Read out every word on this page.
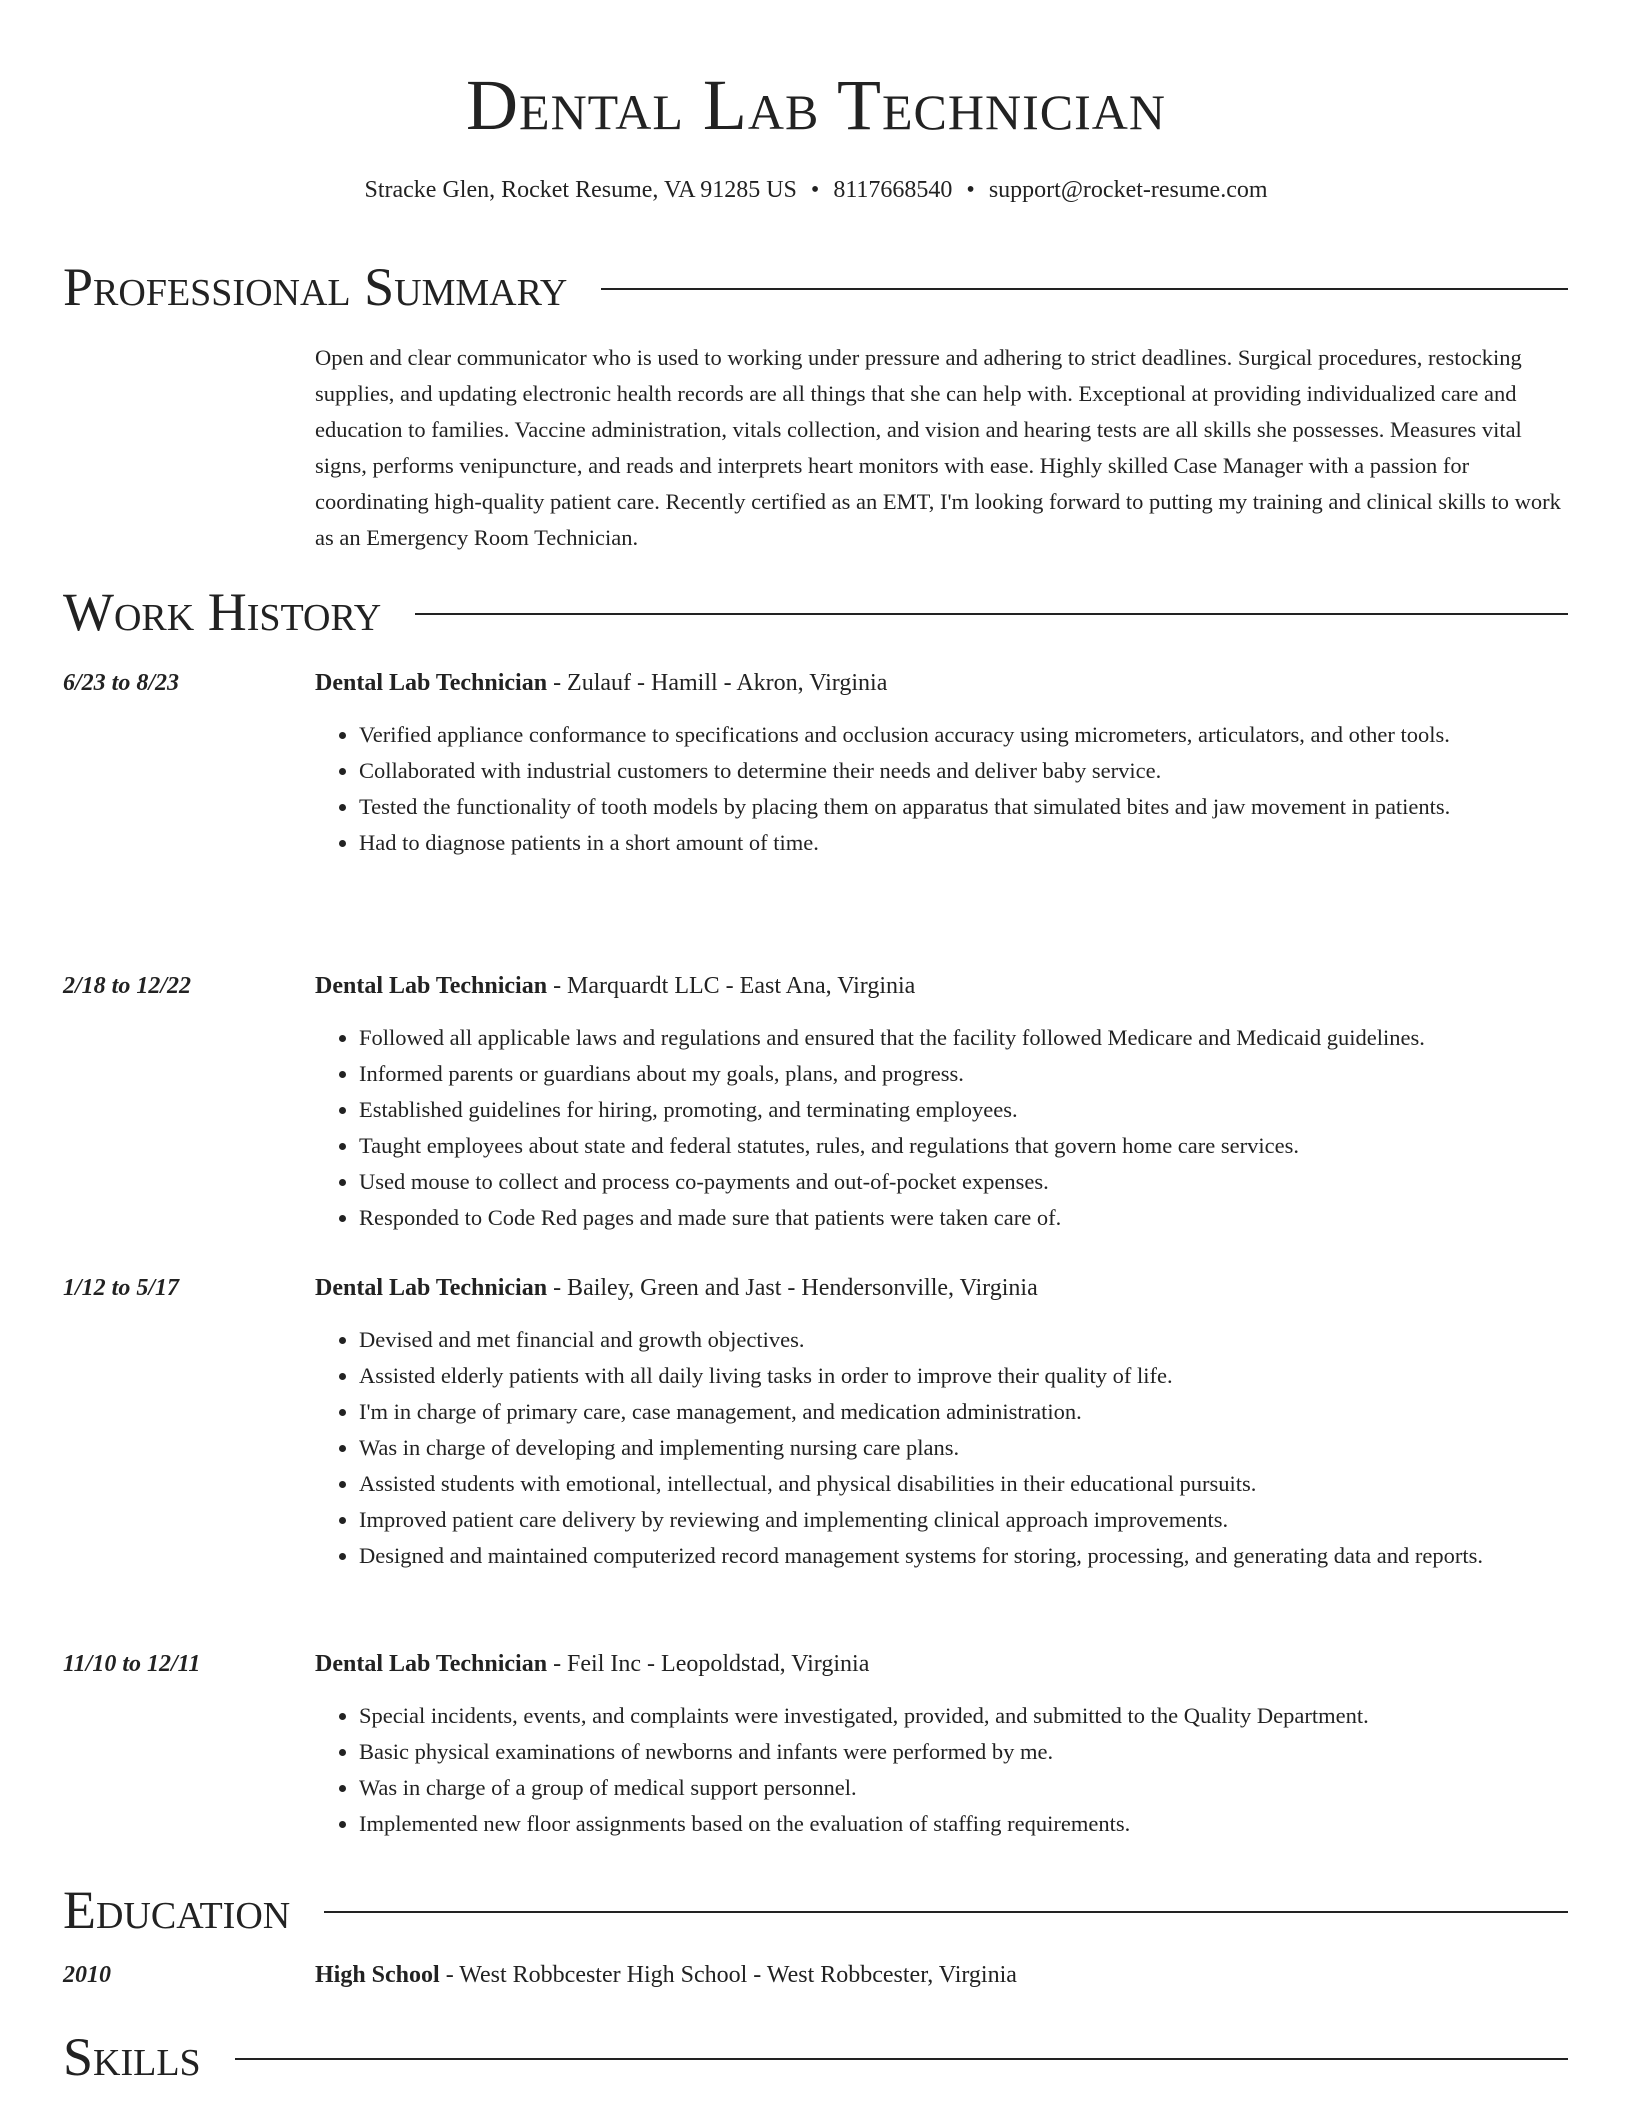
Dental Lab Technician
Stracke Glen, Rocket Resume, VA 91285 US • 8117668540 • support@rocket-resume.com
Professional Summary
Open and clear communicator who is used to working under pressure and adhering to strict deadlines. Surgical procedures, restocking supplies, and updating electronic health records are all things that she can help with. Exceptional at providing individualized care and education to families. Vaccine administration, vitals collection, and vision and hearing tests are all skills she possesses. Measures vital signs, performs venipuncture, and reads and interprets heart monitors with ease. Highly skilled Case Manager with a passion for coordinating high-quality patient care. Recently certified as an EMT, I'm looking forward to putting my training and clinical skills to work as an Emergency Room Technician.
Work History
6/23 to 8/23	Dental Lab Technician - Zulauf - Hamill - Akron, Virginia
• Verified appliance conformance to specifications and occlusion accuracy using micrometers, articulators, and other tools.
• Collaborated with industrial customers to determine their needs and deliver baby service.
• Tested the functionality of tooth models by placing them on apparatus that simulated bites and jaw movement in patients.
• Had to diagnose patients in a short amount of time.
2/18 to 12/22	Dental Lab Technician - Marquardt LLC - East Ana, Virginia
• Followed all applicable laws and regulations and ensured that the facility followed Medicare and Medicaid guidelines.
• Informed parents or guardians about my goals, plans, and progress.
• Established guidelines for hiring, promoting, and terminating employees.
• Taught employees about state and federal statutes, rules, and regulations that govern home care services.
• Used mouse to collect and process co-payments and out-of-pocket expenses.
• Responded to Code Red pages and made sure that patients were taken care of.
1/12 to 5/17	Dental Lab Technician - Bailey, Green and Jast - Hendersonville, Virginia
• Devised and met financial and growth objectives.
• Assisted elderly patients with all daily living tasks in order to improve their quality of life.
• I'm in charge of primary care, case management, and medication administration.
• Was in charge of developing and implementing nursing care plans.
• Assisted students with emotional, intellectual, and physical disabilities in their educational pursuits.
• Improved patient care delivery by reviewing and implementing clinical approach improvements.
• Designed and maintained computerized record management systems for storing, processing, and generating data and reports.
11/10 to 12/11	Dental Lab Technician - Feil Inc - Leopoldstad, Virginia
• Special incidents, events, and complaints were investigated, provided, and submitted to the Quality Department.
• Basic physical examinations of newborns and infants were performed by me.
• Was in charge of a group of medical support personnel.
• Implemented new floor assignments based on the evaluation of staffing requirements.
Education
2010	High School - West Robbcester High School - West Robbcester, Virginia
Skills
